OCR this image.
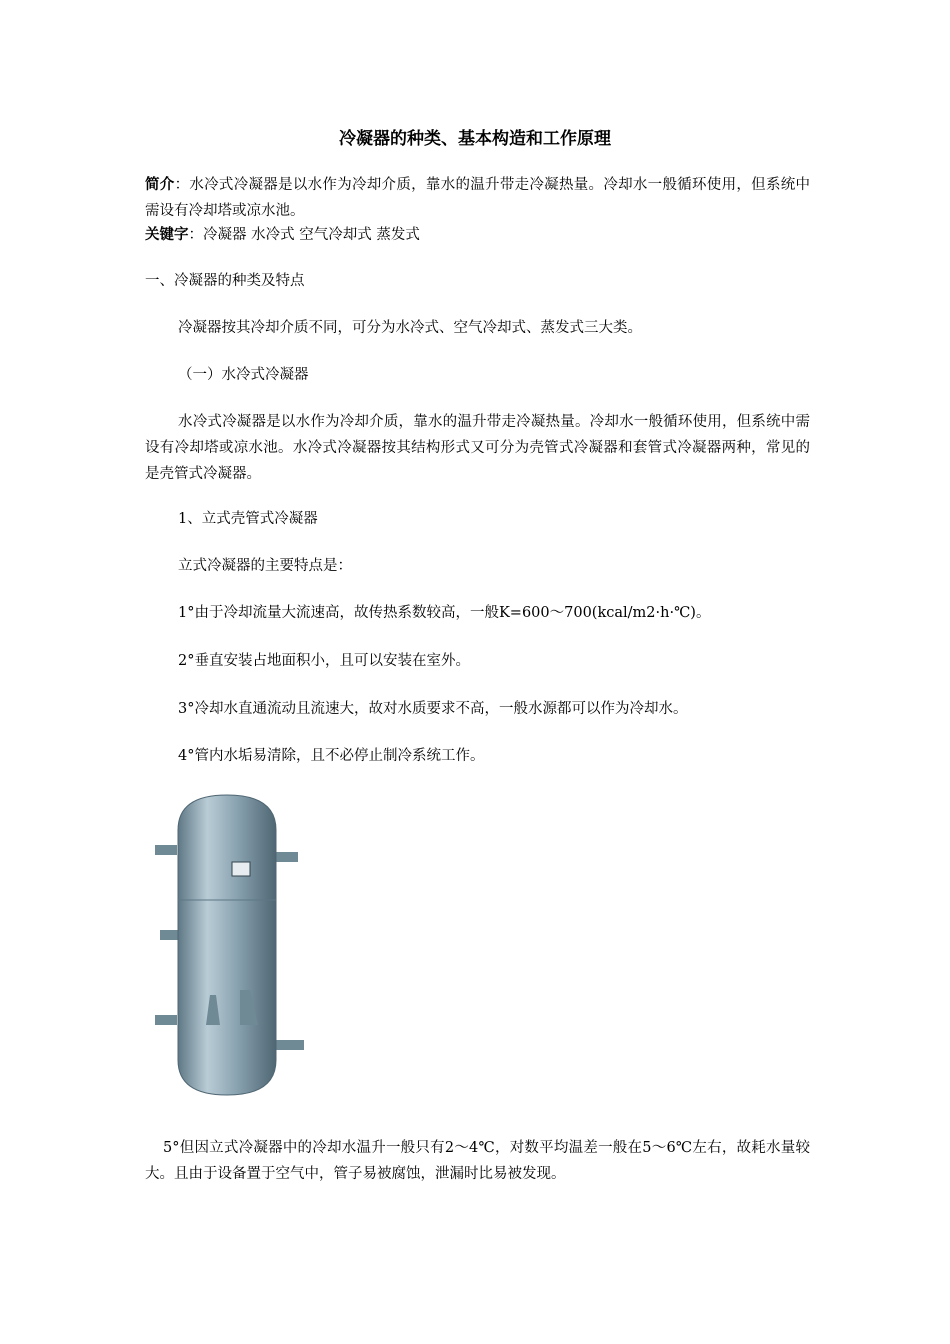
冷凝器的种类、基本构造和工作原理
简介：水冷式冷凝器是以水作为冷却介质，靠水的温升带走冷凝热量。冷却水一般循环使用，但系统中需设有冷却塔或凉水池。
关键字：冷凝器 水冷式 空气冷却式 蒸发式
一、冷凝器的种类及特点
冷凝器按其冷却介质不同，可分为水冷式、空气冷却式、蒸发式三大类。
（一）水冷式冷凝器
水冷式冷凝器是以水作为冷却介质，靠水的温升带走冷凝热量。冷却水一般循环使用，但系统中需设有冷却塔或凉水池。水冷式冷凝器按其结构形式又可分为壳管式冷凝器和套管式冷凝器两种，常见的是壳管式冷凝器。
1、立式壳管式冷凝器
立式冷凝器的主要特点是：
1°由于冷却流量大流速高，故传热系数较高，一般K=600～700(kcal/m2·h·℃)。
2°垂直安装占地面积小，且可以安装在室外。
3°冷却水直通流动且流速大，故对水质要求不高，一般水源都可以作为冷却水。
4°管内水垢易清除，且不必停止制冷系统工作。
5°但因立式冷凝器中的冷却水温升一般只有2～4℃，对数平均温差一般在5～6℃左右，故耗水量较大。且由于设备置于空气中，管子易被腐蚀，泄漏时比易被发现。
